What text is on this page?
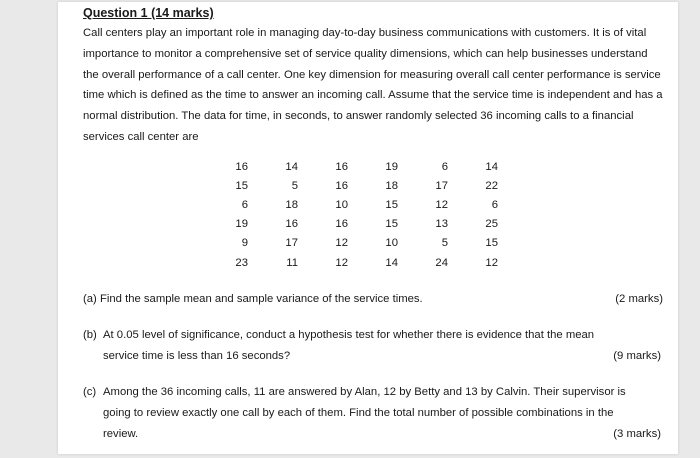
Question 1 (14 marks)

Call centers play an important role in managing day-to-day business communications with customers. It is of vital importance to monitor a comprehensive set of service quality dimensions, which can help businesses understand the overall performance of a call center. One key dimension for measuring overall call center performance is service time which is defined as the time to answer an incoming call. Assume that the service time is independent and has a normal distribution. The data for time, in seconds, to answer randomly selected 36 incoming calls to a financial services call center are

16	14	16	19	6	14
15	5	16	18	17	22
6	18	10	15	12	6
19	16	16	15	13	25
9	17	12	10	5	15
23	11	12	14	24	12
(a) Find the sample mean and sample variance of the service times.	(2 marks)
(b) At 0.05 level of significance, conduct a hypothesis test for whether there is evidence that the mean
service time is less than 16 seconds?	(9 marks)
(c) Among the 36 incoming calls, 11 are answered by Alan, 12 by Betty and 13 by Calvin. Their supervisor is
going to review exactly one call by each of them. Find the total number of possible combinations in the
review.	(3 marks)
